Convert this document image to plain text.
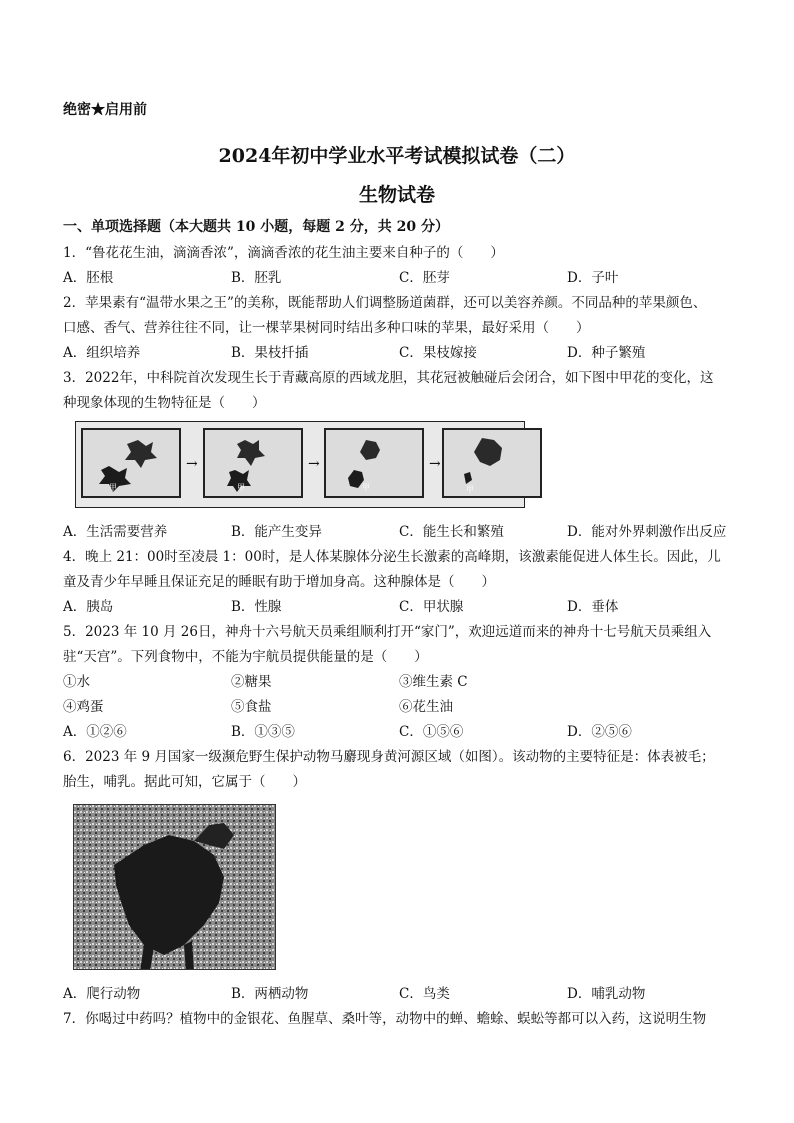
绝密★启用前
2024年初中学业水平考试模拟试卷（二）
生物试卷
一、单项选择题（本大题共 10 小题，每题 2 分，共 20 分）
1．“鲁花花生油，滴滴香浓”，滴滴香浓的花生油主要来自种子的（　　）
A．胚根	B．胚乳	C．胚芽	D．子叶
2．苹果素有“温带水果之王”的美称，既能帮助人们调整肠道菌群，还可以美容养颜。不同品种的苹果颜色、
口感、香气、营养往往不同，让一棵苹果树同时结出多种口味的苹果，最好采用（　　）
A．组织培养	B．果枝扦插	C．果枝嫁接	D．种子繁殖
3．2022年，中科院首次发现生长于青藏高原的西域龙胆，其花冠被触碰后会闭合，如下图中甲花的变化，这
种现象体现的生物特征是（　　）
甲
→
甲
→
甲
→
甲
A．生活需要营养	B．能产生变异	C．能生长和繁殖	D．能对外界刺激作出反应
4．晚上 21：00时至凌晨 1：00时，是人体某腺体分泌生长激素的高峰期，该激素能促进人体生长。因此，儿
童及青少年早睡且保证充足的睡眠有助于增加身高。这种腺体是（　　）
A．胰岛	B．性腺	C．甲状腺	D．垂体
5．2023 年 10 月 26日，神舟十六号航天员乘组顺利打开“家门”，欢迎远道而来的神舟十七号航天员乘组入
驻“天宫”。下列食物中，不能为宇航员提供能量的是（　　）
①水	②糖果	③维生素 C
④鸡蛋	⑤食盐	⑥花生油
A．①②⑥	B．①③⑤	C．①⑤⑥	D．②⑤⑥
6．2023 年 9 月国家一级濒危野生保护动物马麝现身黄河源区域（如图）。该动物的主要特征是：体表被毛；
胎生，哺乳。据此可知，它属于（　　）
A．爬行动物	B．两栖动物	C．鸟类	D．哺乳动物
7．你喝过中药吗？植物中的金银花、鱼腥草、桑叶等，动物中的蝉、蟾蜍、蜈蚣等都可以入药，这说明生物
